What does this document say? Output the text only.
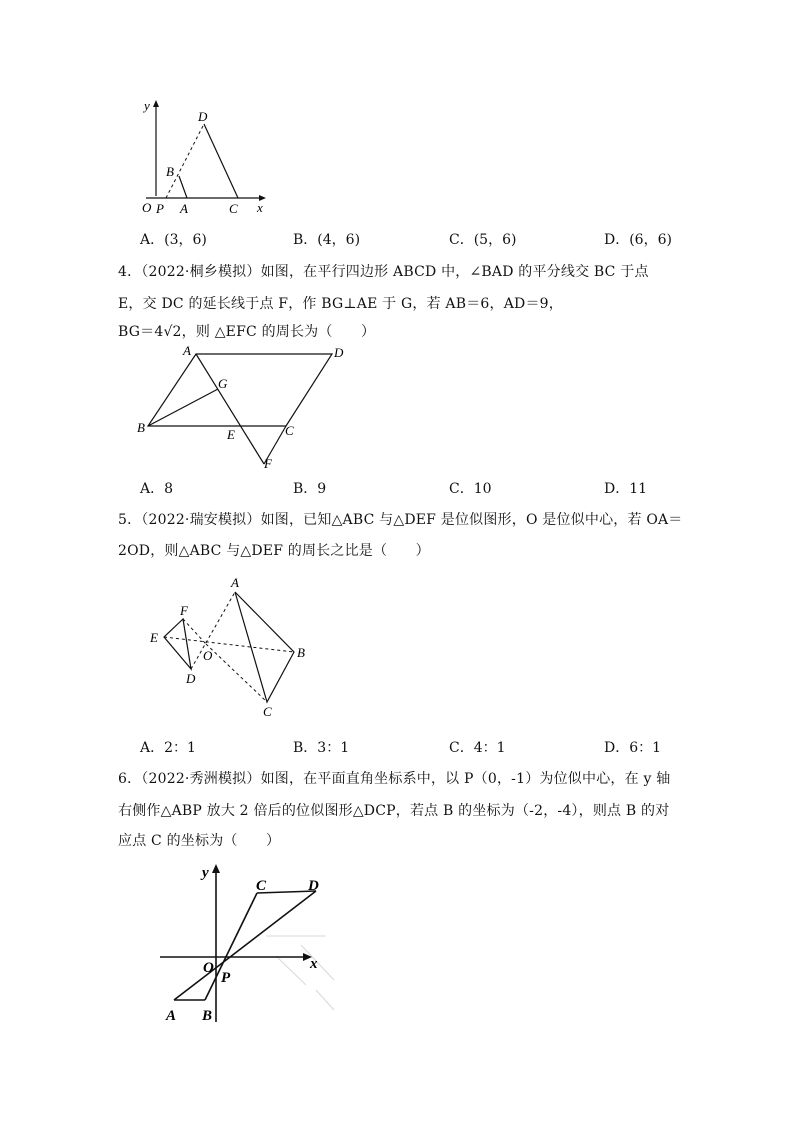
y
x
O P A
B
C
D
A．(3，6)	B．(4，6)	C．(5，6)	D．(6，6)
4．（2022·桐乡模拟）如图，在平行四边形 ABCD 中，∠BAD 的平分线交 BC 于点
E，交 DC 的延长线于点 F，作 BG⊥AE 于 G，若 AB＝6，AD＝9，
BG＝4√2，则 △EFC 的周长为（　　）
A	D
G
B	E	C
F
A．8	B．9	C．10	D．11
5．（2022·瑞安模拟）如图，已知△ABC 与△DEF 是位似图形，O 是位似中心，若 OA＝
2OD，则△ABC 与△DEF 的周长之比是（　　）
F
E
D
O
A
B
C
A．2：1	B．3：1	C．4：1	D．6：1
6．（2022·秀洲模拟）如图，在平面直角坐标系中，以 P（0，-1）为位似中心，在 y 轴
右侧作△ABP 放大 2 倍后的位似图形△DCP，若点 B 的坐标为（-2，-4），则点 B 的对
应点 C 的坐标为（　　）
y
x
C	D
O
P
A B
